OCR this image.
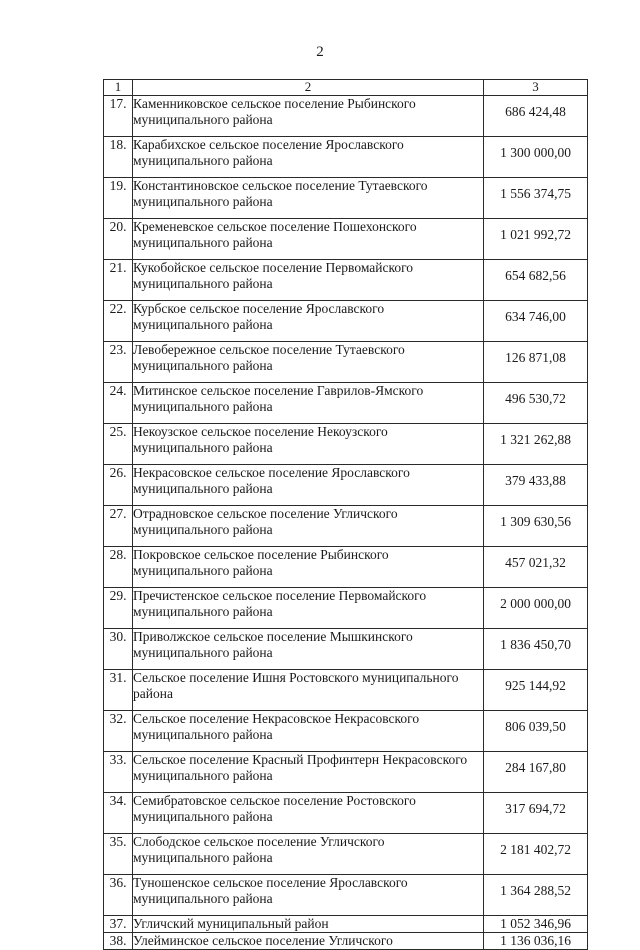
2
1	2	3
17.	Каменниковское сельское поселение Рыбинского муниципального района	686 424,48
18.	Карабихское сельское поселение Ярославского муниципального района	1 300 000,00
19.	Константиновское сельское поселение Тутаевского муниципального района	1 556 374,75
20.	Кременевское сельское поселение Пошехонского муниципального района	1 021 992,72
21.	Кукобойское сельское поселение Первомайского муниципального района	654 682,56
22.	Курбское сельское поселение Ярославского муниципального района	634 746,00
23.	Левобережное сельское поселение Тутаевского муниципального района	126 871,08
24.	Митинское сельское поселение Гаврилов-Ямского муниципального района	496 530,72
25.	Некоузское сельское поселение Некоузского муниципального района	1 321 262,88
26.	Некрасовское сельское поселение Ярославского муниципального района	379 433,88
27.	Отрадновское сельское поселение Угличского муниципального района	1 309 630,56
28.	Покровское сельское поселение Рыбинского муниципального района	457 021,32
29.	Пречистенское сельское поселение Первомайского муниципального района	2 000 000,00
30.	Приволжское сельское поселение Мышкинского муниципального района	1 836 450,70
31.	Сельское поселение Ишня Ростовского муниципального района	925 144,92
32.	Сельское поселение Некрасовское Некрасовского муниципального района	806 039,50
33.	Сельское поселение Красный Профинтерн Некрасовского муниципального района	284 167,80
34.	Семибратовское сельское поселение Ростовского муниципального района	317 694,72
35.	Слободское сельское поселение Угличского муниципального района	2 181 402,72
36.	Туношенское сельское поселение Ярославского муниципального района	1 364 288,52
37.	Угличский муниципальный район	1 052 346,96
38.	Улейминское сельское поселение Угличского	1 136 036,16
